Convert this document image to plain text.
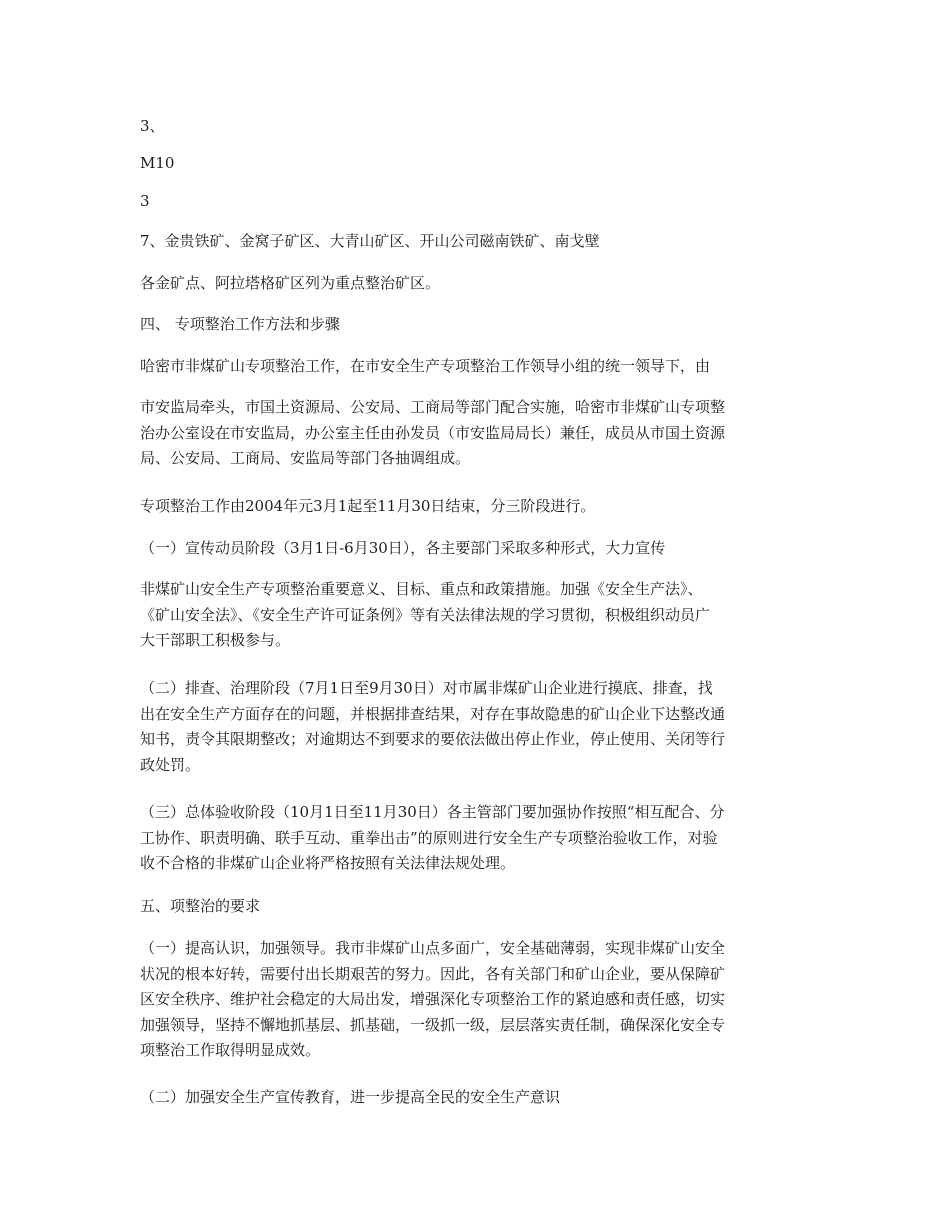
3、

M10

3

7、金贵铁矿、金窝子矿区、大青山矿区、开山公司磁南铁矿、南戈壁

各金矿点、阿拉塔格矿区列为重点整治矿区。

四、 专项整治工作方法和步骤

哈密市非煤矿山专项整治工作，在市安全生产专项整治工作领导小组的统一领导下，由

市安监局牵头，市国土资源局、公安局、工商局等部门配合实施，哈密市非煤矿山专项整
治办公室设在市安监局，办公室主任由孙发员（市安监局局长）兼任，成员从市国土资源
局、公安局、工商局、安监局等部门各抽调组成。

专项整治工作由2004年元3月1起至11月30日结束，分三阶段进行。

（一）宣传动员阶段（3月1日-6月30日），各主要部门采取多种形式，大力宣传

非煤矿山安全生产专项整治重要意义、目标、重点和政策措施。加强《安全生产法》、
《矿山安全法》、《安全生产许可证条例》等有关法律法规的学习贯彻，积极组织动员广
大干部职工积极参与。

（二）排查、治理阶段（7月1日至9月30日）对市属非煤矿山企业进行摸底、排查，找
出在安全生产方面存在的问题，并根据排查结果，对存在事故隐患的矿山企业下达整改通
知书，责令其限期整改；对逾期达不到要求的要依法做出停止作业，停止使用、关闭等行
政处罚。

（三）总体验收阶段（10月1日至11月30日）各主管部门要加强协作按照“相互配合、分
工协作、职责明确、联手互动、重拳出击”的原则进行安全生产专项整治验收工作，对验
收不合格的非煤矿山企业将严格按照有关法律法规处理。

五、项整治的要求

（一）提高认识，加强领导。我市非煤矿山点多面广，安全基础薄弱，实现非煤矿山安全
状况的根本好转，需要付出长期艰苦的努力。因此，各有关部门和矿山企业，要从保障矿
区安全秩序、维护社会稳定的大局出发，增强深化专项整治工作的紧迫感和责任感，切实
加强领导，坚持不懈地抓基层、抓基础，一级抓一级，层层落实责任制，确保深化安全专
项整治工作取得明显成效。

（二）加强安全生产宣传教育，进一步提高全民的安全生产意识
